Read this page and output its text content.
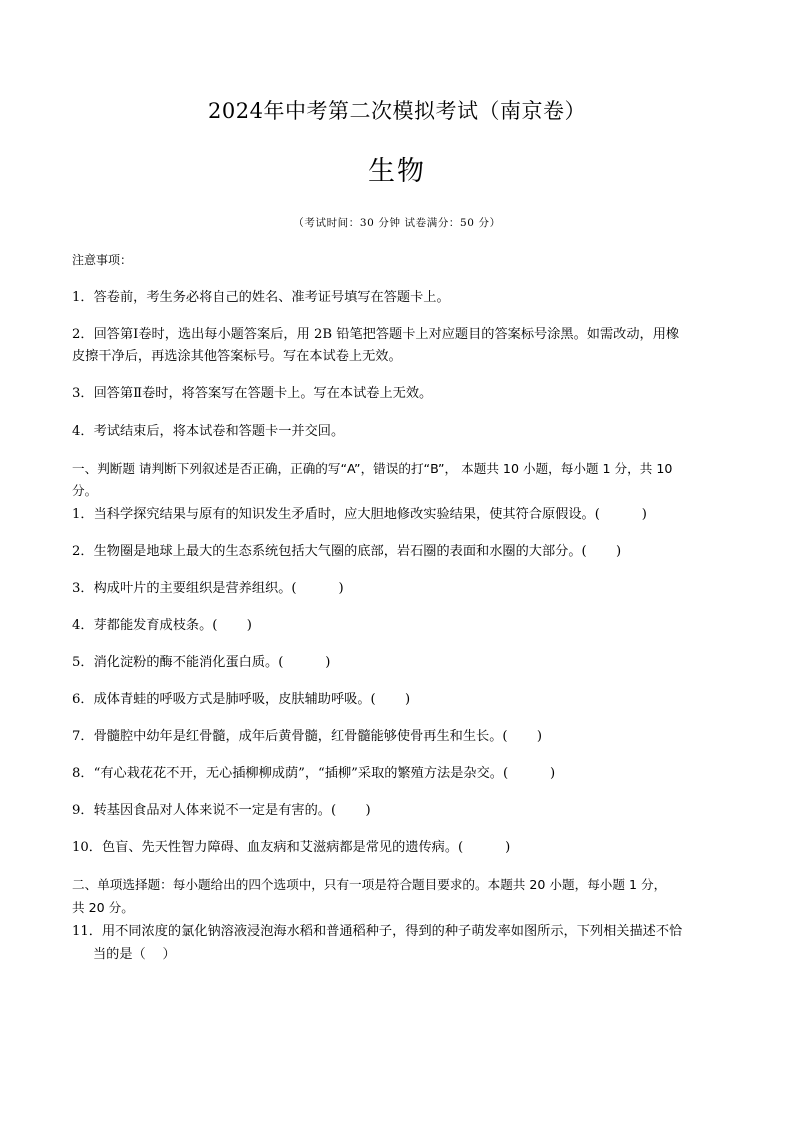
2024年中考第二次模拟考试（南京卷）
生物
（考试时间：30 分钟 试卷满分：50 分）
注意事项：
1．答卷前，考生务必将自己的姓名、准考证号填写在答题卡上。
2．回答第Ⅰ卷时，选出每小题答案后，用 2B 铅笔把答题卡上对应题目的答案标号涂黑。如需改动，用橡
皮擦干净后，再选涂其他答案标号。写在本试卷上无效。
3．回答第Ⅱ卷时，将答案写在答题卡上。写在本试卷上无效。
4．考试结束后，将本试卷和答题卡一并交回。
一、判断题 请判断下列叙述是否正确，正确的写“A”，错误的打“B”， 本题共 10 小题，每小题 1 分，共 10
分。
1．当科学探究结果与原有的知识发生矛盾时，应大胆地修改实验结果，使其符合原假设。(          )
2．生物圈是地球上最大的生态系统包括大气圈的底部，岩石圈的表面和水圈的大部分。(       )
3．构成叶片的主要组织是营养组织。(          )
4．芽都能发育成枝条。(       )
5．消化淀粉的酶不能消化蛋白质。(          )
6．成体青蛙的呼吸方式是肺呼吸，皮肤辅助呼吸。(       )
7．骨髓腔中幼年是红骨髓，成年后黄骨髓，红骨髓能够使骨再生和生长。(       )
8．“有心栽花花不开，无心插柳柳成荫”，“插柳”采取的繁殖方法是杂交。(          )
9．转基因食品对人体来说不一定是有害的。(       )
10．色盲、先天性智力障碍、血友病和艾滋病都是常见的遗传病。(          )
二、单项选择题：每小题给出的四个选项中，只有一项是符合题目要求的。本题共 20 小题，每小题 1 分，
共 20 分。
11．用不同浓度的氯化钠溶液浸泡海水稻和普通稻种子，得到的种子萌发率如图所示，下列相关描述不恰
当的是（    ）
